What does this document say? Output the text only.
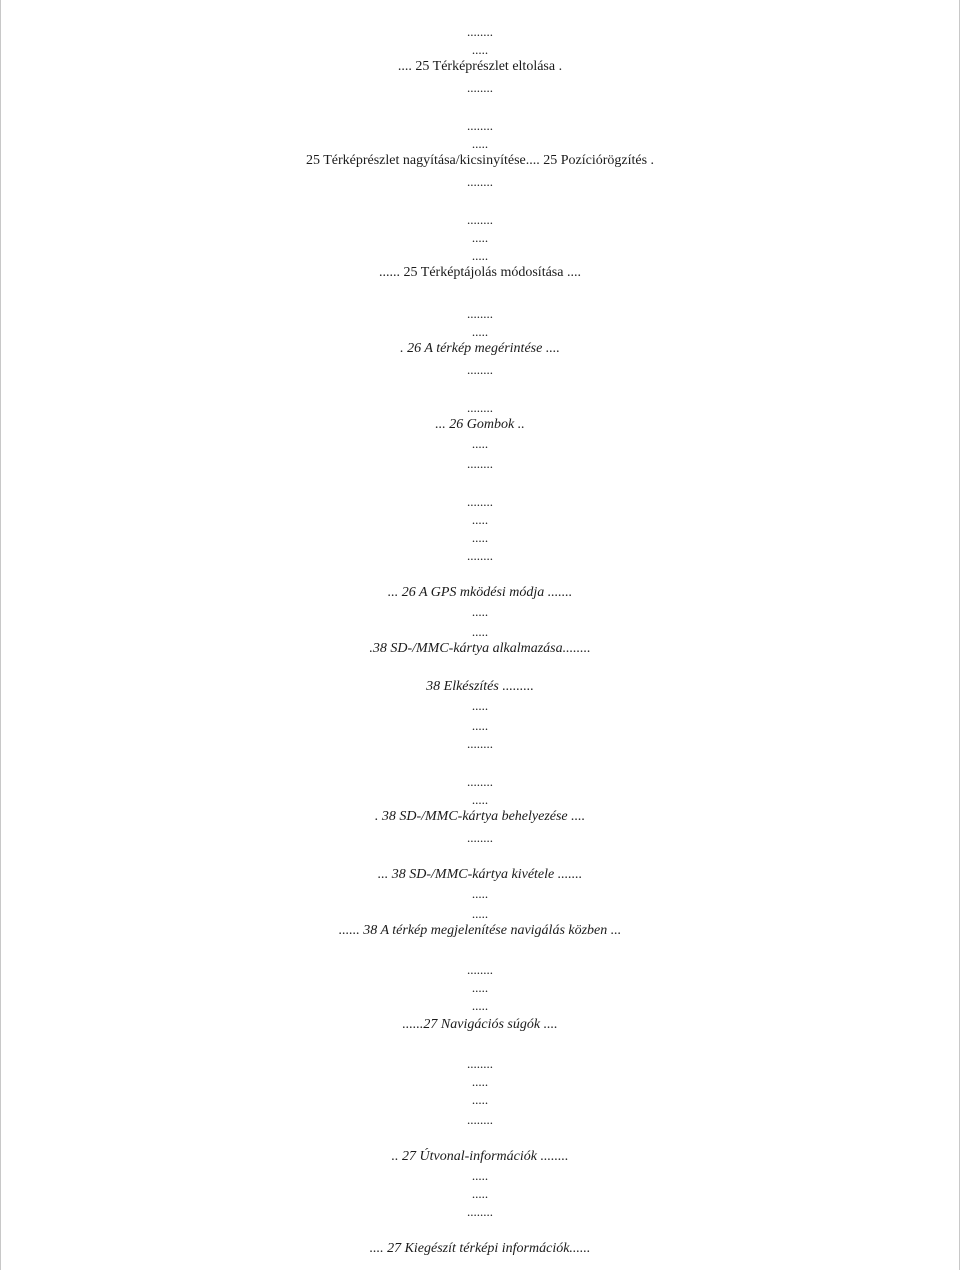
........
.....
.... 25 Térképrészlet eltolása .
........
........
.....
25 Térképrészlet nagyítása/kicsinyítése.... 25 Pozíciórögzítés .
........
........
.....
.....
...... 25 Térképtájolás módosítása ....
........
.....
. 26 A térkép megérintése ....
........
........
... 26 Gombok ..
.....
........
........
.....
.....
........
... 26 A GPS mködési módja .......
.....
.....
.38 SD-/MMC-kártya alkalmazása........
38 Elkészítés .........
.....
.....
........
........
.....
. 38 SD-/MMC-kártya behelyezése ....
........
... 38 SD-/MMC-kártya kivétele .......
.....
.....
...... 38 A térkép megjelenítése navigálás közben ...
........
.....
.....
......27 Navigációs súgók ....
........
.....
.....
........
.. 27 Útvonal-információk ........
.....
.....
........
.... 27 Kiegészít térképi információk......
